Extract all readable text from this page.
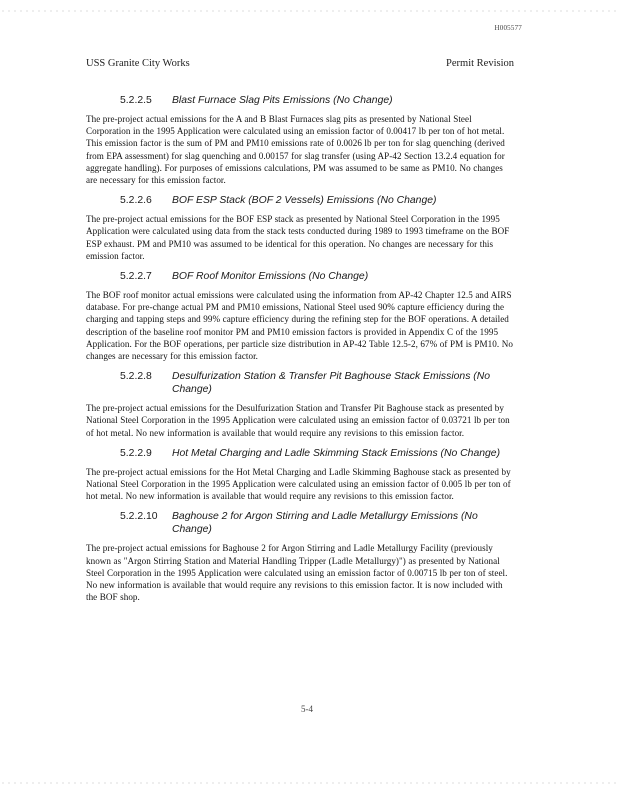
H005577
USS Granite City Works	Permit Revision
5.2.2.5	Blast Furnace Slag Pits Emissions (No Change)
The pre-project actual emissions for the A and B Blast Furnaces slag pits as presented by National Steel Corporation in the 1995 Application were calculated using an emission factor of 0.00417 lb per ton of hot metal. This emission factor is the sum of PM and PM10 emissions rate of 0.0026 lb per ton for slag quenching (derived from EPA assessment) for slag quenching and 0.00157 for slag transfer (using AP-42 Section 13.2.4 equation for aggregate handling). For purposes of emissions calculations, PM was assumed to be same as PM10. No changes are necessary for this emission factor.
5.2.2.6	BOF ESP Stack (BOF 2 Vessels) Emissions (No Change)
The pre-project actual emissions for the BOF ESP stack as presented by National Steel Corporation in the 1995 Application were calculated using data from the stack tests conducted during 1989 to 1993 timeframe on the BOF ESP exhaust. PM and PM10 was assumed to be identical for this operation. No changes are necessary for this emission factor.
5.2.2.7	BOF Roof Monitor Emissions (No Change)
The BOF roof monitor actual emissions were calculated using the information from AP-42 Chapter 12.5 and AIRS database. For pre-change actual PM and PM10 emissions, National Steel used 90% capture efficiency during the charging and tapping steps and 99% capture efficiency during the refining step for the BOF operations. A detailed description of the baseline roof monitor PM and PM10 emission factors is provided in Appendix C of the 1995 Application. For the BOF operations, per particle size distribution in AP-42 Table 12.5-2, 67% of PM is PM10. No changes are necessary for this emission factor.
5.2.2.8	Desulfurization Station & Transfer Pit Baghouse Stack Emissions (No Change)
The pre-project actual emissions for the Desulfurization Station and Transfer Pit Baghouse stack as presented by National Steel Corporation in the 1995 Application were calculated using an emission factor of 0.03721 lb per ton of hot metal. No new information is available that would require any revisions to this emission factor.
5.2.2.9	Hot Metal Charging and Ladle Skimming Stack Emissions (No Change)
The pre-project actual emissions for the Hot Metal Charging and Ladle Skimming Baghouse stack as presented by National Steel Corporation in the 1995 Application were calculated using an emission factor of 0.005 lb per ton of hot metal. No new information is available that would require any revisions to this emission factor.
5.2.2.10 Baghouse 2 for Argon Stirring and Ladle Metallurgy Emissions (No Change)
The pre-project actual emissions for Baghouse 2 for Argon Stirring and Ladle Metallurgy Facility (previously known as "Argon Stirring Station and Material Handling Tripper (Ladle Metallurgy)") as presented by National Steel Corporation in the 1995 Application were calculated using an emission factor of 0.00715 lb per ton of steel. No new information is available that would require any revisions to this emission factor. It is now included with the BOF shop.
5-4
